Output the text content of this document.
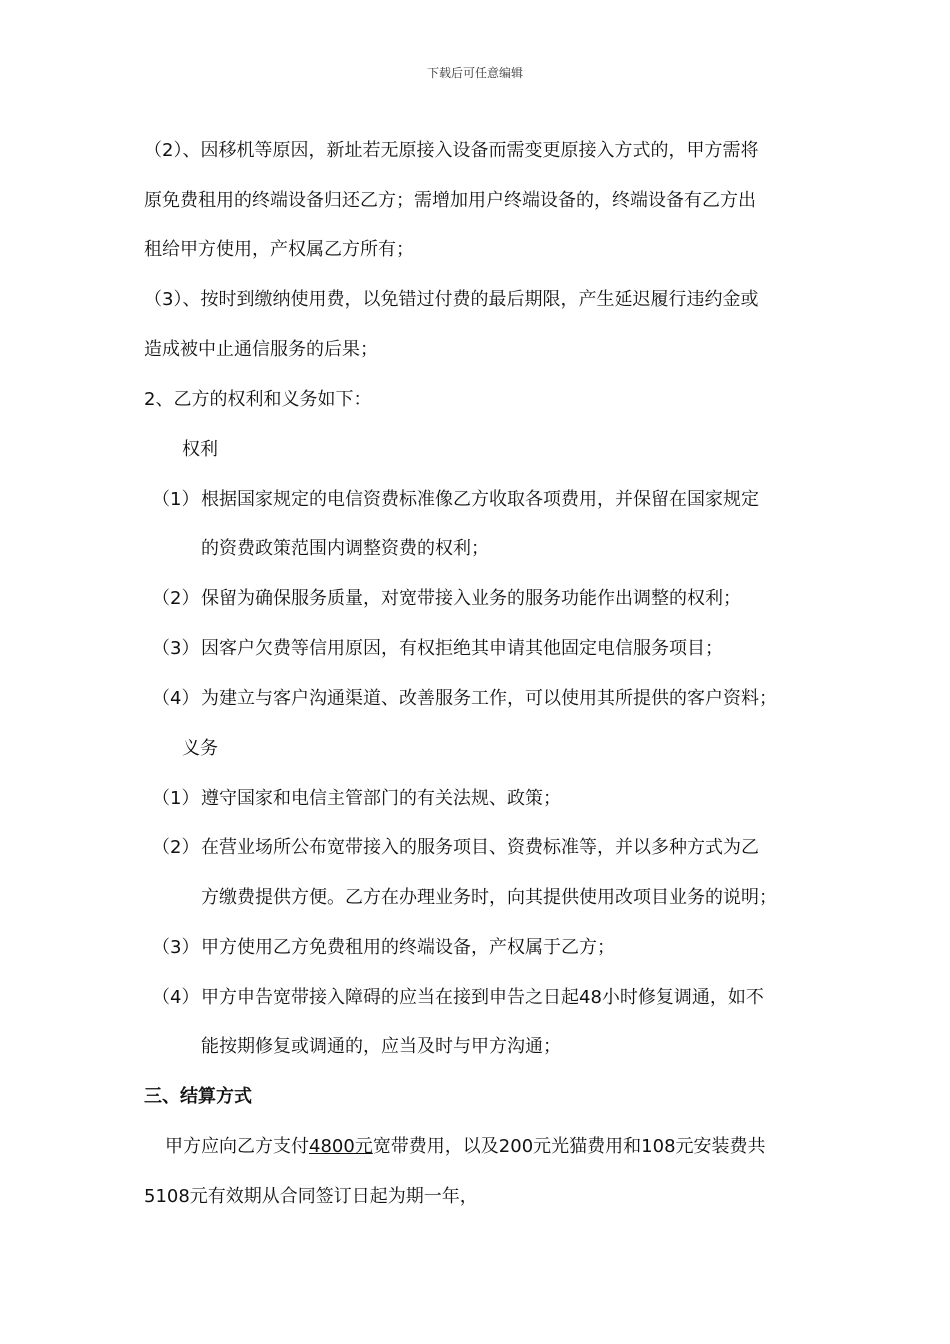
下载后可任意编辑
（2）、因移机等原因，新址若无原接入设备而需变更原接入方式的，甲方需将
原免费租用的终端设备归还乙方；需增加用户终端设备的，终端设备有乙方出
租给甲方使用，产权属乙方所有；
（3）、按时到缴纳使用费，以免错过付费的最后期限，产生延迟履行违约金或
造成被中止通信服务的后果；
2、乙方的权利和义务如下：
权利
（1） 根据国家规定的电信资费标准像乙方收取各项费用，并保留在国家规定
的资费政策范围内调整资费的权利；
（2） 保留为确保服务质量，对宽带接入业务的服务功能作出调整的权利；
（3） 因客户欠费等信用原因，有权拒绝其申请其他固定电信服务项目；
（4） 为建立与客户沟通渠道、改善服务工作，可以使用其所提供的客户资料；
义务
（1） 遵守国家和电信主管部门的有关法规、政策；
（2） 在营业场所公布宽带接入的服务项目、资费标准等，并以多种方式为乙
方缴费提供方便。乙方在办理业务时，向其提供使用改项目业务的说明；
（3） 甲方使用乙方免费租用的终端设备，产权属于乙方；
（4） 甲方申告宽带接入障碍的应当在接到申告之日起48小时修复调通，如不
能按期修复或调通的，应当及时与甲方沟通；
三、结算方式
甲方应向乙方支付4800元宽带费用，以及200元光猫费用和108元安装费共
5108元有效期从合同签订日起为期一年，
